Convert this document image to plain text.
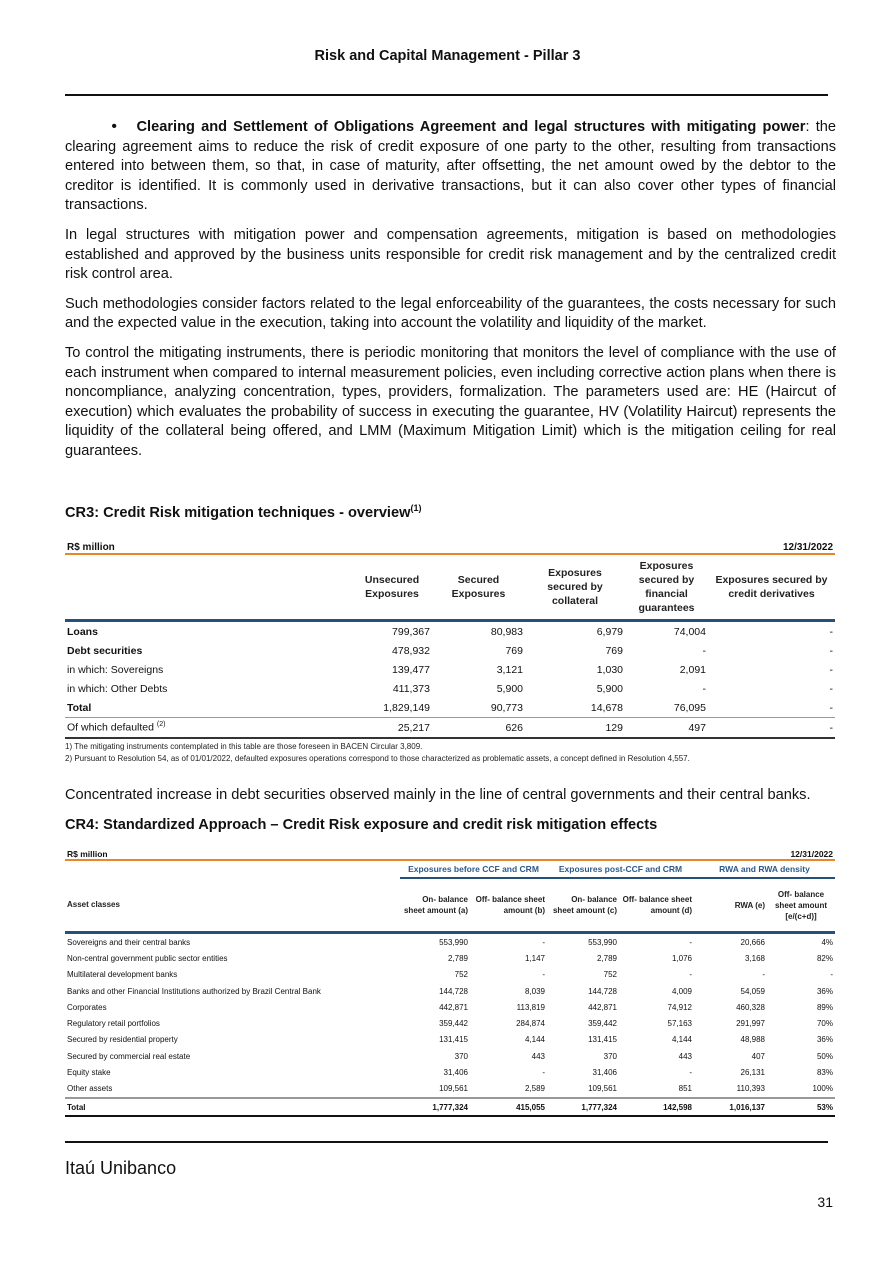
Risk and Capital Management - Pillar 3

• Clearing and Settlement of Obligations Agreement and legal structures with mitigating power: the clearing agreement aims to reduce the risk of credit exposure of one party to the other, resulting from transactions entered into between them, so that, in case of maturity, after offsetting, the net amount owed by the debtor to the creditor is identified. It is commonly used in derivative transactions, but it can also cover other types of financial transactions.

In legal structures with mitigation power and compensation agreements, mitigation is based on methodologies established and approved by the business units responsible for credit risk management and by the centralized credit risk control area.

Such methodologies consider factors related to the legal enforceability of the guarantees, the costs necessary for such and the expected value in the execution, taking into account the volatility and liquidity of the market.

To control the mitigating instruments, there is periodic monitoring that monitors the level of compliance with the use of each instrument when compared to internal measurement policies, even including corrective action plans when there is noncompliance, analyzing concentration, types, providers, formalization. The parameters used are: HE (Haircut of execution) which evaluates the probability of success in executing the guarantee, HV (Volatility Haircut) represents the liquidity of the collateral being offered, and LMM (Maximum Mitigation Limit) which is the mitigation ceiling for real guarantees.

CR3: Credit Risk mitigation techniques - overview$^{(1)}$
R$ million			12/31/2022		
	Unsecured Exposures	Secured Exposures	Exposures secured by collateral	Exposures secured by financial guarantees	Exposures secured by credit derivatives
Loans	799,367	80,983	6,979	74,004	-
Debt securities	478,932	769	769	-	-
in which: Sovereigns	139,477	3,121	1,030	2,091	-
in which: Other Debts	411,373	5,900	5,900	-	-
Total	1,829,149	90,773	14,678	76,095	-
Of which defaulted $^{(2)}$	25,217	626	129	497	-
1) The mitigating instruments contemplated in this table are those foreseen in BACEN Circular 3,809.
2) Pursuant to Resolution 54, as of 01/01/2022, defaulted exposures operations correspond to those characterized as problematic assets, a concept defined in Resolution 4,557.
Concentrated increase in debt securities observed mainly in the line of central governments and their central banks.
CR4: Standardized Approach – Credit Risk exposure and credit risk mitigation effects
R$ million				12/31/2022		
	Exposures before CCF and CRM		Exposures post-CCF and CRM		RWA and RWA density	
Asset classes	On- balance sheet amount (a)	Off- balance sheet amount (b)	On- balance sheet amount (c)	Off- balance sheet amount (d)	RWA (e)	Off- balance sheet amount [e/(c+d)]
Sovereigns and their central banks	553,990	-	553,990	-	20,666	4%
Non-central government public sector entities	2,789	1,147	2,789	1,076	3,168	82%
Multilateral development banks	752	-	752	-	-	-
Banks and other Financial Institutions authorized by Brazil Central Bank	144,728	8,039	144,728	4,009	54,059	36%
Corporates	442,871	113,819	442,871	74,912	460,328	89%
Regulatory retail portfolios	359,442	284,874	359,442	57,163	291,997	70%
Secured by residential property	131,415	4,144	131,415	4,144	48,988	36%
Secured by commercial real estate	370	443	370	443	407	50%
Equity stake	31,406	-	31,406	-	26,131	83%
Other assets	109,561	2,589	109,561	851	110,393	100%
Total	1,777,324	415,055	1,777,324	142,598	1,016,137	53%
Itaú Unibanco
31
